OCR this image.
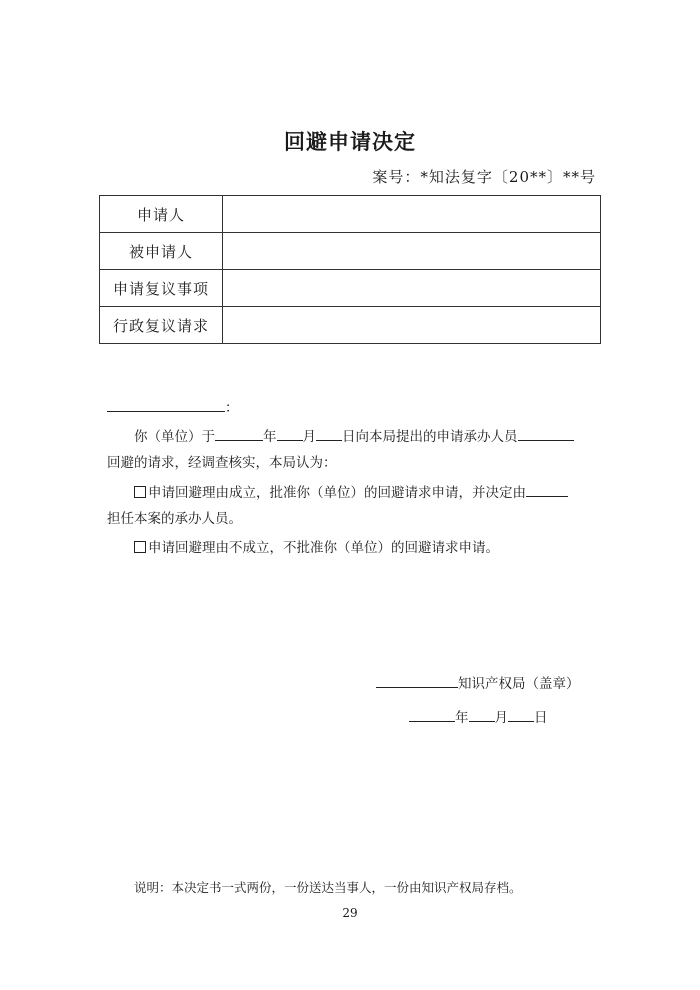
回避申请决定
案号：*知法复字〔20**〕**号
申请人	
被申请人	
申请复议事项	
行政复议请求	
：
你（单位）于	年 月 日向本局提出的申请承办人员
回避的请求，经调查核实，本局认为：
申请回避理由成立，批准你（单位）的回避请求申请，并决定由
担任本案的承办人员。
申请回避理由不成立，不批准你（单位）的回避请求申请。
知识产权局（盖章）
年 月 日
说明：本决定书一式两份，一份送达当事人，一份由知识产权局存档。
29
